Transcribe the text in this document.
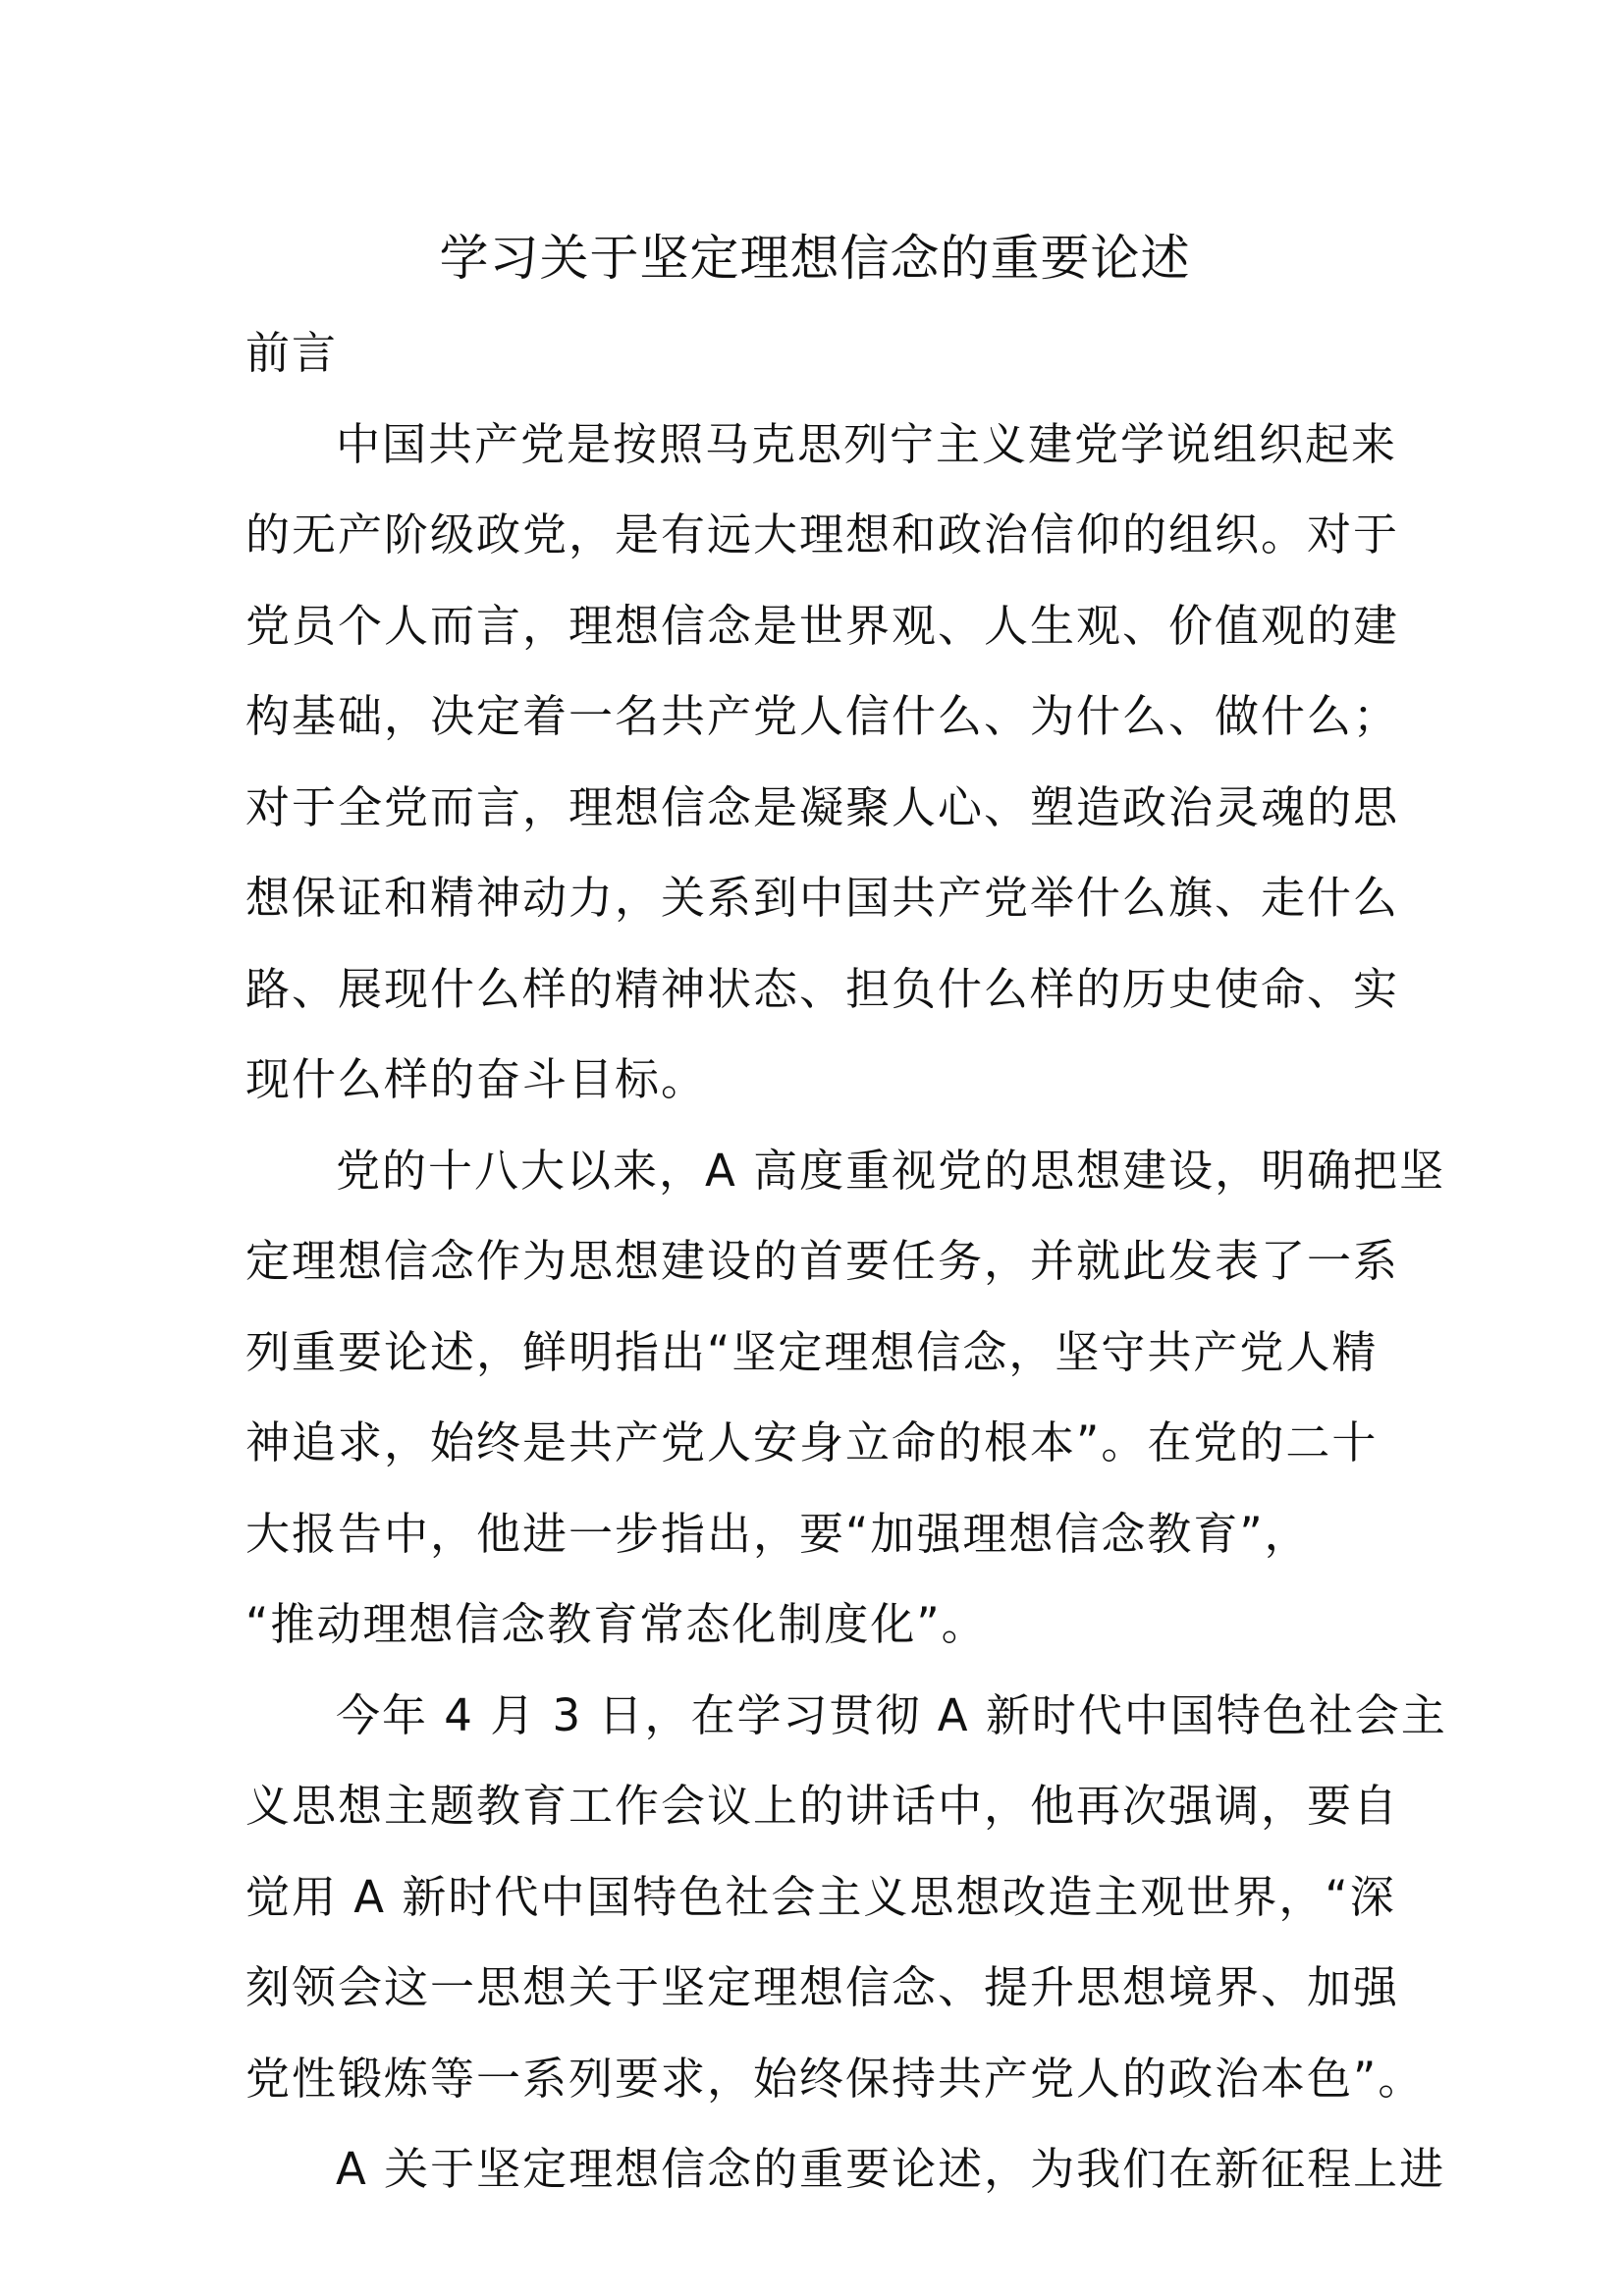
学习关于坚定理想信念的重要论述

前言

中国共产党是按照马克思列宁主义建党学说组织起来
的无产阶级政党，是有远大理想和政治信仰的组织。对于
党员个人而言，理想信念是世界观、人生观、价值观的建
构基础，决定着一名共产党人信什么、为什么、做什么；
对于全党而言，理想信念是凝聚人心、塑造政治灵魂的思
想保证和精神动力，关系到中国共产党举什么旗、走什么
路、展现什么样的精神状态、担负什么样的历史使命、实
现什么样的奋斗目标。

党的十八大以来，A 高度重视党的思想建设，明确把坚
定理想信念作为思想建设的首要任务，并就此发表了一系
列重要论述，鲜明指出“坚定理想信念，坚守共产党人精
神追求，始终是共产党人安身立命的根本”。在党的二十
大报告中，他进一步指出，要“加强理想信念教育”，
“推动理想信念教育常态化制度化”。

今年 4 月 3 日，在学习贯彻 A 新时代中国特色社会主
义思想主题教育工作会议上的讲话中，他再次强调，要自
觉用 A 新时代中国特色社会主义思想改造主观世界，“深
刻领会这一思想关于坚定理想信念、提升思想境界、加强
党性锻炼等一系列要求，始终保持共产党人的政治本色”。

A 关于坚定理想信念的重要论述，为我们在新征程上进
